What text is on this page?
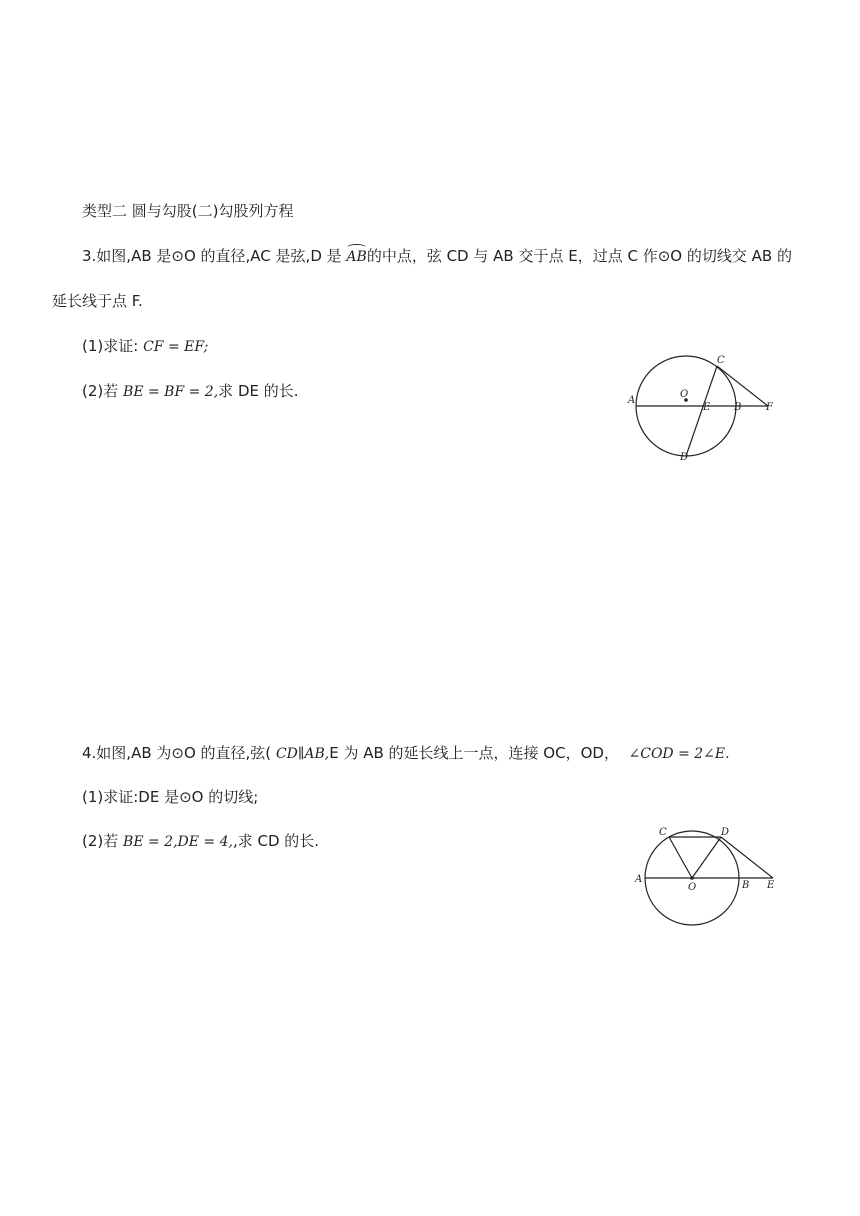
类型二 圆与勾股(二)勾股列方程
3.如图,AB 是⊙O 的直径,AC 是弦,D 是 AB的中点，弦 CD 与 AB 交于点 E，过点 C 作⊙O 的切线交 AB 的
延长线于点 F.
(1)求证: CF = EF;
(2)若 BE = BF = 2,求 DE 的长.
A
O
C
E B F
D
4.如图,AB 为⊙O 的直径,弦( CD∥AB,E 为 AB 的延长线上一点，连接 OC，OD， ∠COD = 2∠E.
(1)求证:DE 是⊙O 的切线;
(2)若 BE = 2,DE = 4,,求 CD 的长.	C	D
A
O	B E
